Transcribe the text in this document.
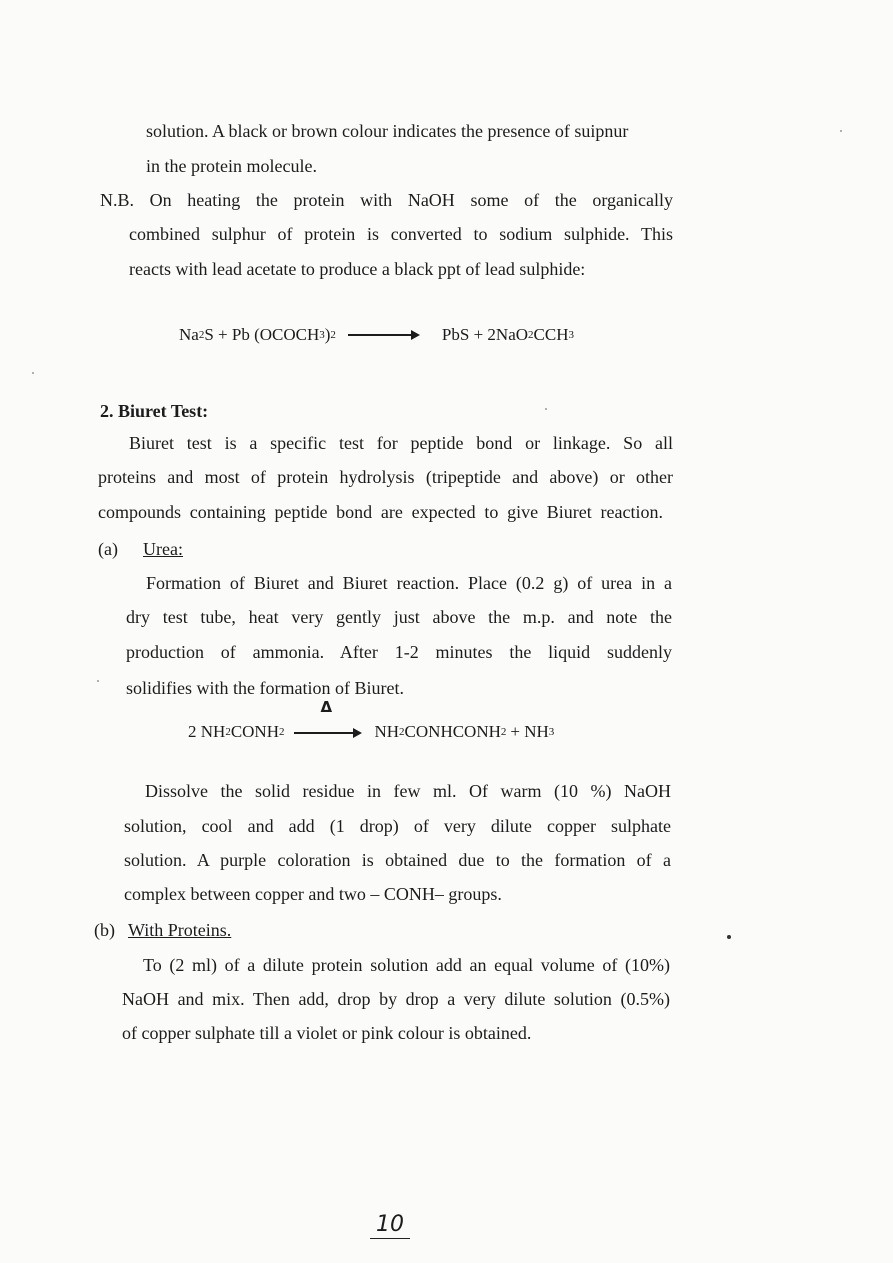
solution. A black or brown colour indicates the presence of suipnur
in the protein molecule.
N.B. On heating the protein with NaOH some of the organically
combined sulphur of protein is converted to sodium sulphide. This
reacts with lead acetate to produce a black ppt of lead sulphide:
Na 2 S + Pb (OCOCH 3 ) 2	PbS + 2NaO 2 CCH 3
2. Biuret Test:
Biuret test is a specific test for peptide bond or linkage. So all
proteins and most of protein hydrolysis (tripeptide and above) or other
compounds containing peptide bond are expected to give Biuret reaction.
(a) Urea:
Formation of Biuret and Biuret reaction. Place (0.2 g) of urea in a
dry test tube, heat very gently just above the m.p. and note the
production of ammonia. After 1-2 minutes the liquid suddenly
solidifies with the formation of Biuret.
2 NH 2 CONH 2
Δ
NH 2 CONHCONH 2 + NH 3
Dissolve the solid residue in few ml. Of warm (10 %) NaOH
solution, cool and add (1 drop) of very dilute copper sulphate
solution. A purple coloration is obtained due to the formation of a
complex between copper and two – CONH– groups.
(b) With Proteins.
To (2 ml) of a dilute protein solution add an equal volume of (10%)
NaOH and mix. Then add, drop by drop a very dilute solution (0.5%)
of copper sulphate till a violet or pink colour is obtained.
10
